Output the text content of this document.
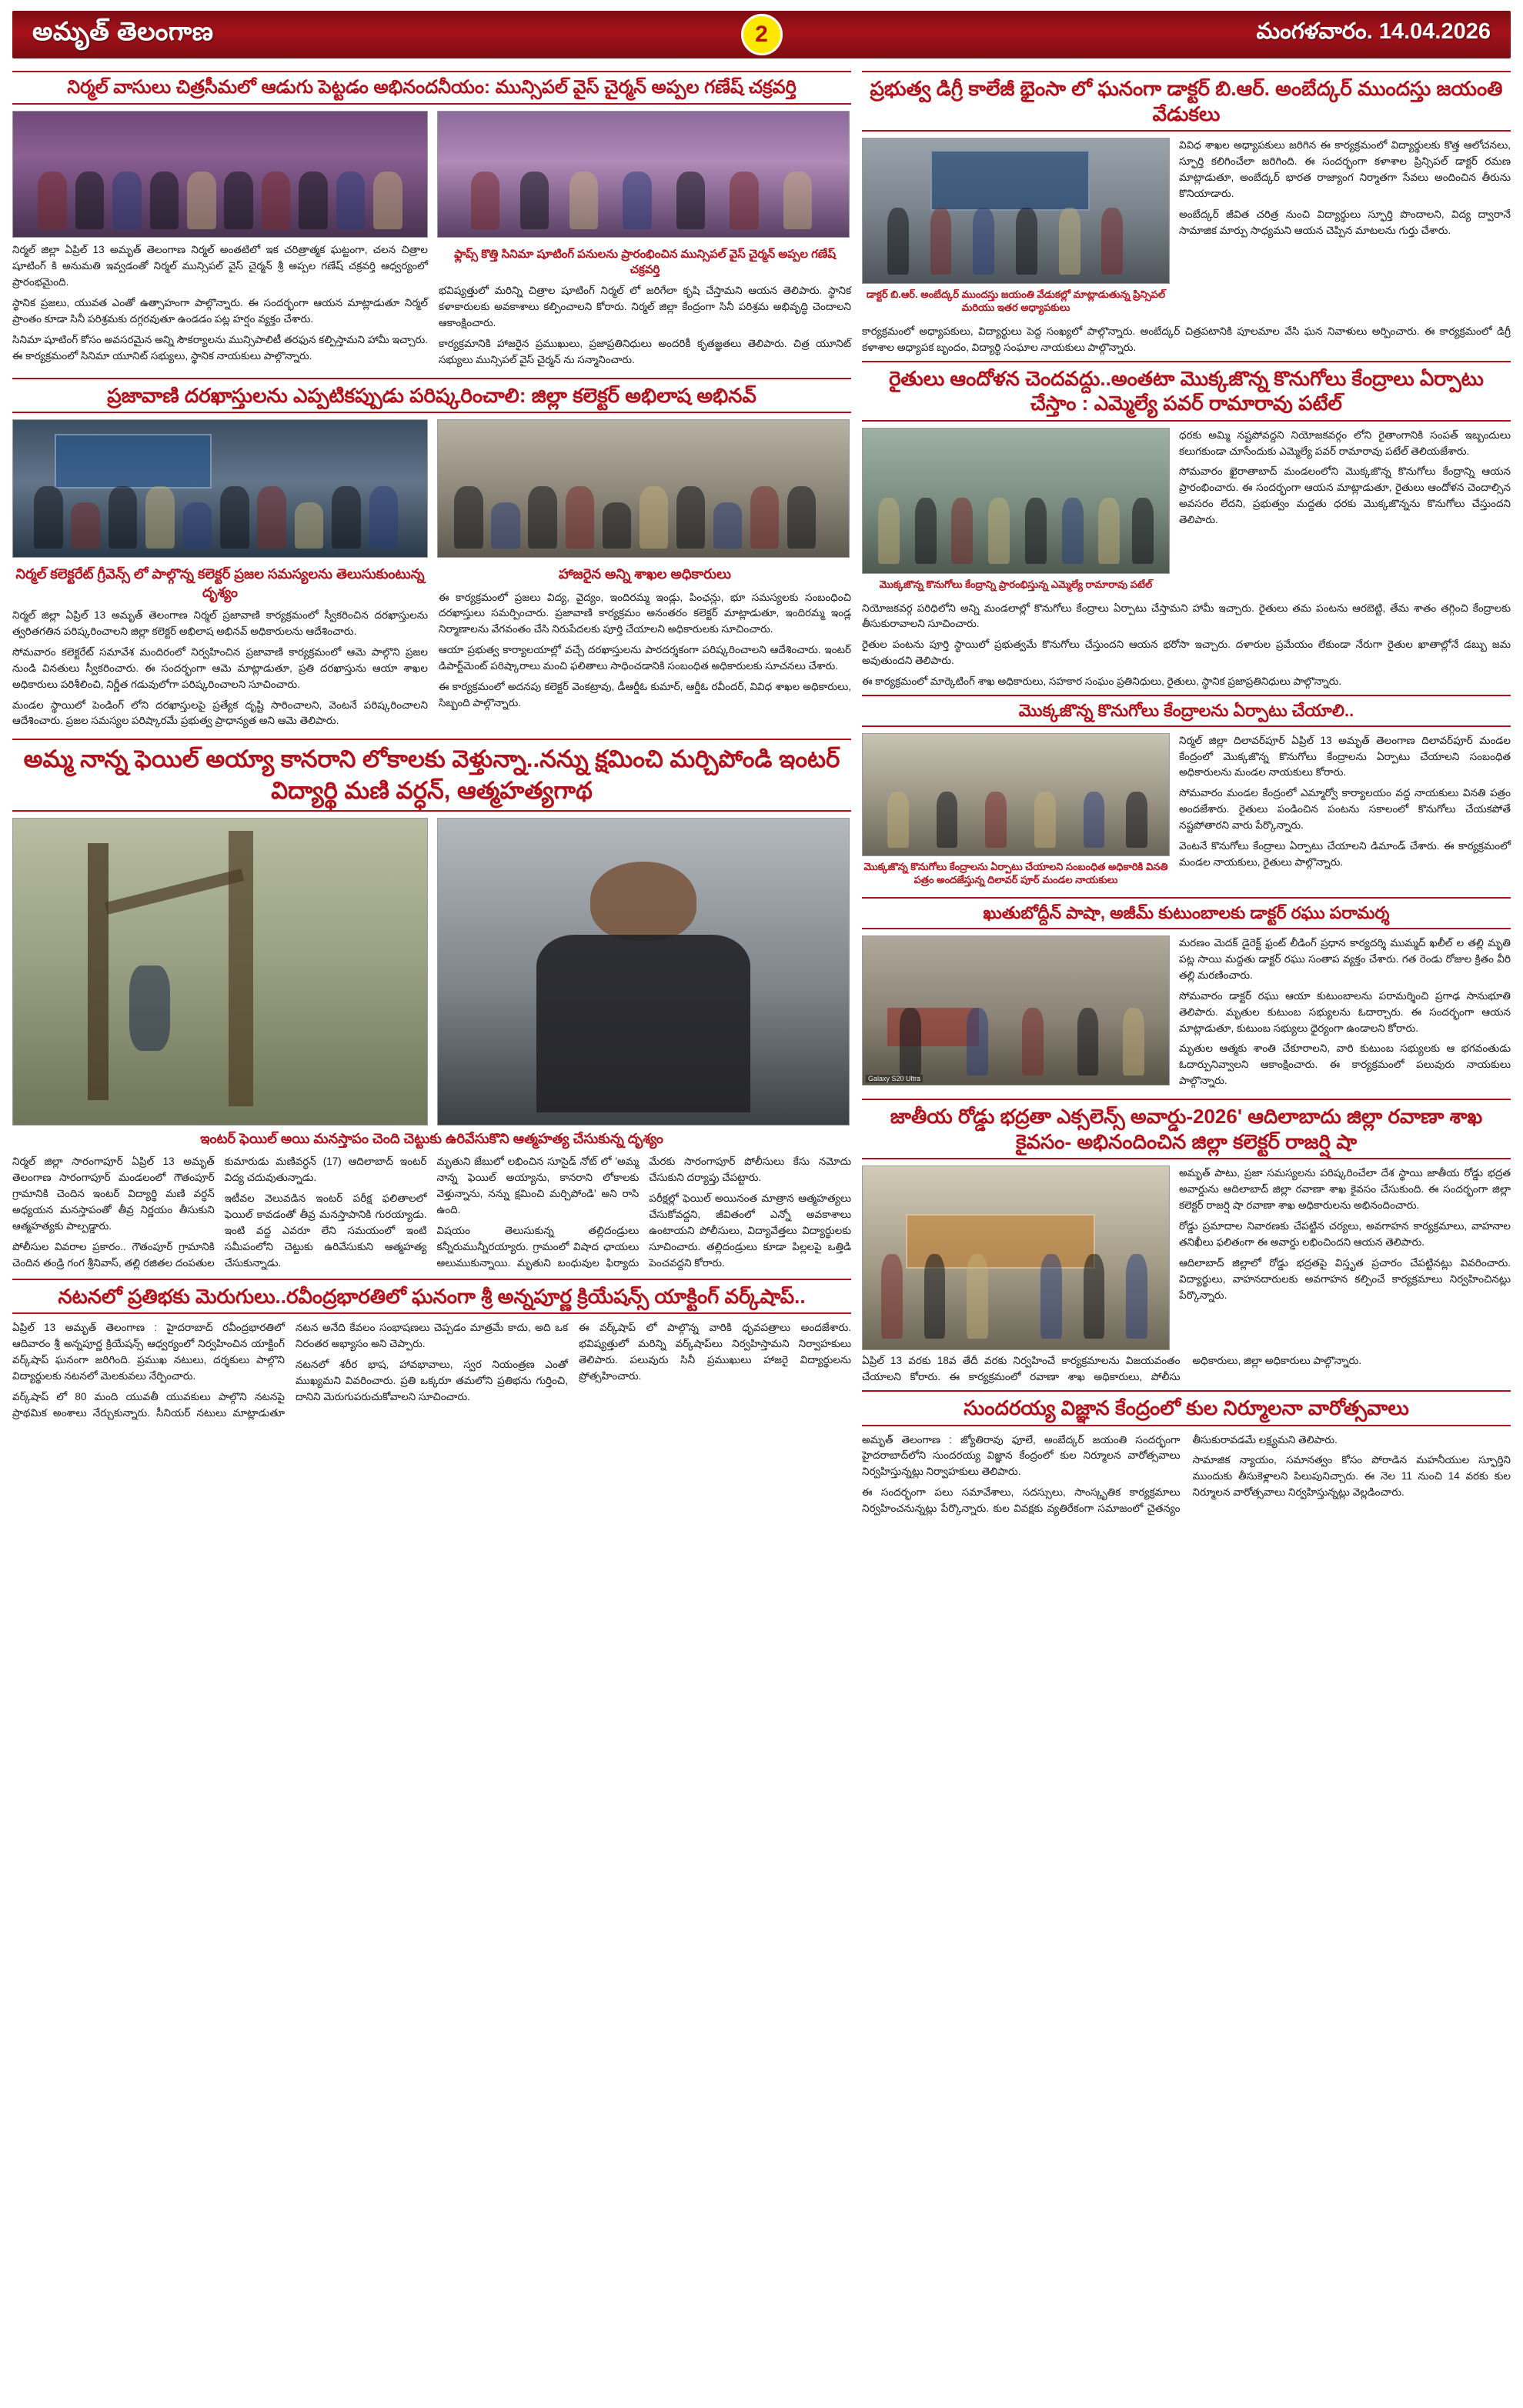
అమృత్ తెలంగాణ	2	మంగళవారం. 14.04.2026
నిర్మల్ వాసులు చిత్రసీమలో ఆడుగు పెట్టడం అభినందనీయం: మున్సిపల్ వైస్ చైర్మన్ అప్పల గణేష్ చక్రవర్తి

నిర్మల్ జిల్లా ఏప్రిల్ 13 అమృత్ తెలంగాణ నిర్మల్ అంతటిలో ఇక చరిత్రాత్మక ఘట్టంగా, చలన చిత్రాల షూటింగ్ కి అనుమతి ఇవ్వడంతో నిర్మల్ మున్సిపల్ వైస్ చైర్మన్ శ్రీ అప్పల గణేష్ చక్రవర్తి ఆధ్వర్యంలో ప్రారంభమైంది.

స్థానిక ప్రజలు, యువత ఎంతో ఉత్సాహంగా పాల్గొన్నారు. ఈ సందర్భంగా ఆయన మాట్లాడుతూ నిర్మల్ ప్రాంతం కూడా సినీ పరిశ్రమకు దగ్గరవుతూ ఉండడం పట్ల హర్షం వ్యక్తం చేశారు.

సినిమా షూటింగ్ కోసం అవసరమైన అన్ని సౌకర్యాలను మున్సిపాలిటీ తరఫున కల్పిస్తామని హామీ ఇచ్చారు. ఈ కార్యక్రమంలో సినిమా యూనిట్ సభ్యులు, స్థానిక నాయకులు పాల్గొన్నారు.

ఫ్లాప్స్ కొత్తి సినిమా షూటింగ్ పనులను ప్రారంభించిన మున్సిపల్ వైస్ చైర్మన్ అప్పల గణేష్ చక్రవర్తి

భవిష్యత్తులో మరిన్ని చిత్రాల షూటింగ్ నిర్మల్ లో జరిగేలా కృషి చేస్తామని ఆయన తెలిపారు. స్థానిక కళాకారులకు అవకాశాలు కల్పించాలని కోరారు. నిర్మల్ జిల్లా కేంద్రంగా సినీ పరిశ్రమ అభివృద్ధి చెందాలని ఆకాంక్షించారు.

కార్యక్రమానికి హాజరైన ప్రముఖులు, ప్రజాప్రతినిధులు అందరికీ కృతజ్ఞతలు తెలిపారు. చిత్ర యూనిట్ సభ్యులు మున్సిపల్ వైస్ చైర్మన్ ను సన్మానించారు.

ప్రజావాణి దరఖాస్తులను ఎప్పటికప్పుడు పరిష్కరించాలి: జిల్లా కలెక్టర్ అభిలాష అభినవ్
నిర్మల్ కలెక్టరేట్ గ్రీవెన్స్ లో పాల్గొన్న కలెక్టర్ ప్రజల సమస్యలను తెలుసుకుంటున్న దృశ్యం

నిర్మల్ జిల్లా ఏప్రిల్ 13 అమృత్ తెలంగాణ నిర్మల్ ప్రజావాణి కార్యక్రమంలో స్వీకరించిన దరఖాస్తులను త్వరితగతిన పరిష్కరించాలని జిల్లా కలెక్టర్ అభిలాష అభినవ్ అధికారులను ఆదేశించారు.

సోమవారం కలెక్టరేట్ సమావేశ మందిరంలో నిర్వహించిన ప్రజావాణి కార్యక్రమంలో ఆమె పాల్గొని ప్రజల నుండి వినతులు స్వీకరించారు. ఈ సందర్భంగా ఆమె మాట్లాడుతూ, ప్రతి దరఖాస్తును ఆయా శాఖల అధికారులు పరిశీలించి, నిర్ణీత గడువులోగా పరిష్కరించాలని సూచించారు.

మండల స్థాయిలో పెండింగ్ లోని దరఖాస్తులపై ప్రత్యేక దృష్టి సారించాలని, వెంటనే పరిష్కరించాలని ఆదేశించారు. ప్రజల సమస్యల పరిష్కారమే ప్రభుత్వ ప్రాధాన్యత అని ఆమె తెలిపారు.

హాజరైన అన్ని శాఖల అధికారులు

ఈ కార్యక్రమంలో ప్రజలు విద్య, వైద్యం, ఇందిరమ్మ ఇండ్లు, పింఛన్లు, భూ సమస్యలకు సంబంధించి దరఖాస్తులు సమర్పించారు. ప్రజావాణి కార్యక్రమం అనంతరం కలెక్టర్ మాట్లాడుతూ, ఇందిరమ్మ ఇండ్ల నిర్మాణాలను వేగవంతం చేసి నిరుపేదలకు పూర్తి చేయాలని అధికారులకు సూచించారు.

ఆయా ప్రభుత్వ కార్యాలయాల్లో వచ్చే దరఖాస్తులను పారదర్శకంగా పరిష్కరించాలని ఆదేశించారు. ఇంటర్ డిపార్ట్‌మెంట్ పరిష్కారాలు మంచి ఫలితాలు సాధించడానికి సంబంధిత అధికారులకు సూచనలు చేశారు.

ఈ కార్యక్రమంలో అదనపు కలెక్టర్ వెంకట్రావు, డీఆర్డీఓ కుమార్, ఆర్డీఓ రవీందర్, వివిధ శాఖల అధికారులు, సిబ్బంది పాల్గొన్నారు.

అమ్మ నాన్న ఫెయిల్ అయ్యా కానరాని లోకాలకు వెళ్తున్నా..నన్ను క్షమించి మర్చిపోండి ఇంటర్ విద్యార్థి మణి వర్ధన్, ఆత్మహత్యగాథ
ఇంటర్ ఫెయిల్ అయి మనస్తాపం చెంది చెట్టుకు ఉరివేసుకొని ఆత్మహత్య చేసుకున్న దృశ్యం

నిర్మల్ జిల్లా సారంగాపూర్ ఏప్రిల్ 13 అమృత్ తెలంగాణ సారంగాపూర్ మండలంలో గౌతంపూర్ గ్రామానికి చెందిన ఇంటర్ విద్యార్థి మణి వర్ధన్ అధ్యయన మనస్తాపంతో తీవ్ర నిర్ణయం తీసుకుని ఆత్మహత్యకు పాల్పడ్డారు.

పోలీసుల వివరాల ప్రకారం.. గౌతంపూర్ గ్రామానికి చెందిన తండ్రి గంగ శ్రీనివాస్, తల్లి రజితల దంపతుల కుమారుడు మణివర్ధన్ (17) ఆదిలాబాద్ ఇంటర్ విద్య చదువుతున్నాడు.

ఇటీవల వెలువడిన ఇంటర్ పరీక్ష ఫలితాలలో ఫెయిల్ కావడంతో తీవ్ర మనస్తాపానికి గురయ్యాడు. ఇంటి వద్ద ఎవరూ లేని సమయంలో ఇంటి సమీపంలోని చెట్టుకు ఉరివేసుకుని ఆత్మహత్య చేసుకున్నాడు.

మృతుని జేబులో లభించిన సూసైడ్ నోట్ లో 'అమ్మ నాన్న ఫెయిల్ అయ్యాను, కానరాని లోకాలకు వెళ్తున్నాను, నన్ను క్షమించి మర్చిపోండి' అని రాసి ఉంది.

విషయం తెలుసుకున్న తల్లిదండ్రులు కన్నీరుమున్నీరయ్యారు. గ్రామంలో విషాద ఛాయలు అలుముకున్నాయి. మృతుని బంధువుల ఫిర్యాదు మేరకు సారంగాపూర్ పోలీసులు కేసు నమోదు చేసుకుని దర్యాప్తు చేపట్టారు.

పరీక్షల్లో ఫెయిల్ అయినంత మాత్రాన ఆత్మహత్యలు చేసుకోవద్దని, జీవితంలో ఎన్నో అవకాశాలు ఉంటాయని పోలీసులు, విద్యావేత్తలు విద్యార్థులకు సూచించారు. తల్లిదండ్రులు కూడా పిల్లలపై ఒత్తిడి పెంచవద్దని కోరారు.

నటనలో ప్రతిభకు మెరుగులు..రవీంద్రభారతిలో ఘనంగా శ్రీ అన్నపూర్ణ క్రియేషన్స్ యాక్టింగ్ వర్క్‌షాప్..

ఏప్రిల్ 13 అమృత్ తెలంగాణ : హైదరాబాద్ రవీంద్రభారతిలో ఆదివారం శ్రీ అన్నపూర్ణ క్రియేషన్స్ ఆధ్వర్యంలో నిర్వహించిన యాక్టింగ్ వర్క్‌షాప్ ఘనంగా జరిగింది. ప్రముఖ నటులు, దర్శకులు పాల్గొని విద్యార్థులకు నటనలో మెలకువలు నేర్పించారు.

వర్క్‌షాప్ లో 80 మంది యువతీ యువకులు పాల్గొని నటనపై ప్రాథమిక అంశాలు నేర్చుకున్నారు. సీనియర్ నటులు మాట్లాడుతూ నటన అనేది కేవలం సంభాషణలు చెప్పడం మాత్రమే కాదు, అది ఒక నిరంతర అభ్యాసం అని చెప్పారు.

నటనలో శరీర భాష, హావభావాలు, స్వర నియంత్రణ ఎంతో ముఖ్యమని వివరించారు. ప్రతి ఒక్కరూ తమలోని ప్రతిభను గుర్తించి, దానిని మెరుగుపరుచుకోవాలని సూచించారు.

ఈ వర్క్‌షాప్ లో పాల్గొన్న వారికి ధృవపత్రాలు అందజేశారు. భవిష్యత్తులో మరిన్ని వర్క్‌షాప్‌లు నిర్వహిస్తామని నిర్వాహకులు తెలిపారు. పలువురు సినీ ప్రముఖులు హాజరై విద్యార్థులను ప్రోత్సహించారు.

ప్రభుత్వ డిగ్రీ కాలేజీ భైంసా లో ఘనంగా డాక్టర్ బి.ఆర్. అంబేద్కర్ ముందస్తు జయంతి వేడుకలు
డాక్టర్ బి.ఆర్. అంబేద్కర్ ముందస్తు జయంతి వేడుకల్లో మాట్లాడుతున్న ప్రిన్సిపల్ మరియు ఇతర అధ్యాపకులు

వివిధ శాఖల అధ్యాపకులు జరిగిన ఈ కార్యక్రమంలో విద్యార్థులకు కొత్త ఆలోచనలు, స్ఫూర్తి కలిగించేలా జరిగింది. ఈ సందర్భంగా కళాశాల ప్రిన్సిపల్ డాక్టర్ రమణ మాట్లాడుతూ, అంబేద్కర్ భారత రాజ్యాంగ నిర్మాతగా సేవలు అందించిన తీరును కొనియాడారు.

అంబేద్కర్ జీవిత చరిత్ర నుంచి విద్యార్థులు స్ఫూర్తి పొందాలని, విద్య ద్వారానే సామాజిక మార్పు సాధ్యమని ఆయన చెప్పిన మాటలను గుర్తు చేశారు.

కార్యక్రమంలో అధ్యాపకులు, విద్యార్థులు పెద్ద సంఖ్యలో పాల్గొన్నారు. అంబేద్కర్ చిత్రపటానికి పూలమాల వేసి ఘన నివాళులు అర్పించారు. ఈ కార్యక్రమంలో డిగ్రీ కళాశాల అధ్యాపక బృందం, విద్యార్థి సంఘాల నాయకులు పాల్గొన్నారు.

రైతులు ఆందోళన చెందవద్దు..అంతటా మొక్కజొన్న కొనుగోలు కేంద్రాలు ఏర్పాటు చేస్తాం : ఎమ్మెల్యే పవర్ రామారావు పటేల్
మొక్కజొన్న కొనుగోలు కేంద్రాన్ని ప్రారంభిస్తున్న ఎమ్మెల్యే రామారావు పటేల్

ధరకు అమ్మి నష్టపోవద్దని నియోజకవర్గం లోని రైతాంగానికి సంపత్ ఇబ్బందులు కలుగకుండా చూసేందుకు ఎమ్మెల్యే పవర్ రామారావు పటేల్ తెలియజేశారు.

సోమవారం ఖైరాతాబాద్ మండలంలోని మొక్కజొన్న కొనుగోలు కేంద్రాన్ని ఆయన ప్రారంభించారు. ఈ సందర్భంగా ఆయన మాట్లాడుతూ, రైతులు ఆందోళన చెందాల్సిన అవసరం లేదని, ప్రభుత్వం మద్దతు ధరకు మొక్కజొన్నను కొనుగోలు చేస్తుందని తెలిపారు.

నియోజకవర్గ పరిధిలోని అన్ని మండలాల్లో కొనుగోలు కేంద్రాలు ఏర్పాటు చేస్తామని హామీ ఇచ్చారు. రైతులు తమ పంటను ఆరబెట్టి, తేమ శాతం తగ్గించి కేంద్రాలకు తీసుకురావాలని సూచించారు.

రైతుల పంటను పూర్తి స్థాయిలో ప్రభుత్వమే కొనుగోలు చేస్తుందని ఆయన భరోసా ఇచ్చారు. దళారుల ప్రమేయం లేకుండా నేరుగా రైతుల ఖాతాల్లోనే డబ్బు జమ అవుతుందని తెలిపారు.

ఈ కార్యక్రమంలో మార్కెటింగ్ శాఖ అధికారులు, సహకార సంఘం ప్రతినిధులు, రైతులు, స్థానిక ప్రజాప్రతినిధులు పాల్గొన్నారు.

మొక్కజొన్న కొనుగోలు కేంద్రాలను ఏర్పాటు చేయాలి..
మొక్కజొన్న కొనుగోలు కేంద్రాలను ఏర్పాటు చేయాలని సంబంధిత అధికారికి వినతి పత్రం అందజేస్తున్న దిలావర్ పూర్ మండల నాయకులు

నిర్మల్ జిల్లా దిలావర్‌పూర్ ఏప్రిల్ 13 అమృత్ తెలంగాణ దిలావర్‌పూర్ మండల కేంద్రంలో మొక్కజొన్న కొనుగోలు కేంద్రాలను ఏర్పాటు చేయాలని సంబంధిత అధికారులను మండల నాయకులు కోరారు.

సోమవారం మండల కేంద్రంలో ఎమ్మార్వో కార్యాలయం వద్ద నాయకులు వినతి పత్రం అందజేశారు. రైతులు పండించిన పంటను సకాలంలో కొనుగోలు చేయకపోతే నష్టపోతారని వారు పేర్కొన్నారు.

వెంటనే కొనుగోలు కేంద్రాలు ఏర్పాటు చేయాలని డిమాండ్ చేశారు. ఈ కార్యక్రమంలో మండల నాయకులు, రైతులు పాల్గొన్నారు.

ఖుతుబోద్దీన్ పాషా, అజీమ్ కుటుంబాలకు డాక్టర్ రఘు పరామర్శ
Galaxy S20 Ultra

మరణం మెదక్ డైరెక్ట్ ఫ్రంట్ లీడింగ్ ప్రధాన కార్యదర్శి ముమ్మద్ ఖలీల్ ల తల్లి మృతి పట్ల సాయి మద్దతు డాక్టర్ రఘు సంతాప వ్యక్తం చేశారు. గత రెండు రోజుల క్రితం వీరి తల్లి మరణించారు.

సోమవారం డాక్టర్ రఘు ఆయా కుటుంబాలను పరామర్శించి ప్రగాఢ సానుభూతి తెలిపారు. మృతుల కుటుంబ సభ్యులను ఓదార్చారు. ఈ సందర్భంగా ఆయన మాట్లాడుతూ, కుటుంబ సభ్యులు ధైర్యంగా ఉండాలని కోరారు.

మృతుల ఆత్మకు శాంతి చేకూరాలని, వారి కుటుంబ సభ్యులకు ఆ భగవంతుడు ఓదార్పునివ్వాలని ఆకాంక్షించారు. ఈ కార్యక్రమంలో పలువురు నాయకులు పాల్గొన్నారు.

జాతీయ రోడ్డు భద్రతా ఎక్సలెన్స్ అవార్డు-2026' ఆదిలాబాదు జిల్లా రవాణా శాఖ కైవసం- అభినందించిన జిల్లా కలెక్టర్ రాజర్షి షా

అమృత్ పాటు, ప్రజా సమస్యలను పరిష్కరించేలా దేశ స్థాయి జాతీయ రోడ్డు భద్రత అవార్డును ఆదిలాబాద్ జిల్లా రవాణా శాఖ కైవసం చేసుకుంది. ఈ సందర్భంగా జిల్లా కలెక్టర్ రాజర్షి షా రవాణా శాఖ అధికారులను అభినందించారు.

రోడ్డు ప్రమాదాల నివారణకు చేపట్టిన చర్యలు, అవగాహన కార్యక్రమాలు, వాహనాల తనిఖీలు ఫలితంగా ఈ అవార్డు లభించిందని ఆయన తెలిపారు.

ఆదిలాబాద్ జిల్లాలో రోడ్డు భద్రతపై విస్తృత ప్రచారం చేపట్టినట్లు వివరించారు. విద్యార్థులు, వాహనదారులకు అవగాహన కల్పించే కార్యక్రమాలు నిర్వహించినట్లు పేర్కొన్నారు.

ఏప్రిల్ 13 వరకు 18వ తేదీ వరకు నిర్వహించే కార్యక్రమాలను విజయవంతం చేయాలని కోరారు. ఈ కార్యక్రమంలో రవాణా శాఖ అధికారులు, పోలీసు అధికారులు, జిల్లా అధికారులు పాల్గొన్నారు.

సుందరయ్య విజ్ఞాన కేంద్రంలో కుల నిర్మూలనా వారోత్సవాలు

అమృత్ తెలంగాణ : జ్యోతిరావు ఫూలే, అంబేద్కర్ జయంతి సందర్భంగా హైదరాబాద్‌లోని సుందరయ్య విజ్ఞాన కేంద్రంలో కుల నిర్మూలన వారోత్సవాలు నిర్వహిస్తున్నట్లు నిర్వాహకులు తెలిపారు.

ఈ సందర్భంగా పలు సమావేశాలు, సదస్సులు, సాంస్కృతిక కార్యక్రమాలు నిర్వహించనున్నట్లు పేర్కొన్నారు. కుల వివక్షకు వ్యతిరేకంగా సమాజంలో చైతన్యం తీసుకురావడమే లక్ష్యమని తెలిపారు.

సామాజిక న్యాయం, సమానత్వం కోసం పోరాడిన మహనీయుల స్ఫూర్తిని ముందుకు తీసుకెళ్లాలని పిలుపునిచ్చారు. ఈ నెల 11 నుంచి 14 వరకు కుల నిర్మూలన వారోత్సవాలు నిర్వహిస్తున్నట్లు వెల్లడించారు.
